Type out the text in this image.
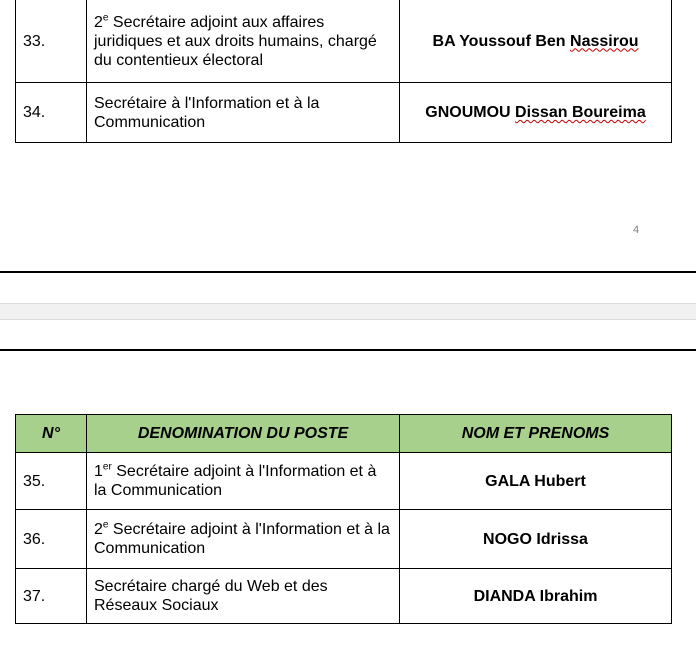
33.	2e Secrétaire adjoint aux affaires juridiques et aux droits humains, chargé du contentieux électoral	BA Youssouf Ben Nassirou
34.	Secrétaire à l'Information et à la Communication	GNOUMOU Dissan Boureima
4
N°	DENOMINATION DU POSTE	NOM ET PRENOMS
35.	1er Secrétaire adjoint à l'Information et à la Communication	GALA Hubert
36.	2e Secrétaire adjoint à l'Information et à la Communication	NOGO Idrissa
37.	Secrétaire chargé du Web et des Réseaux Sociaux	DIANDA Ibrahim
